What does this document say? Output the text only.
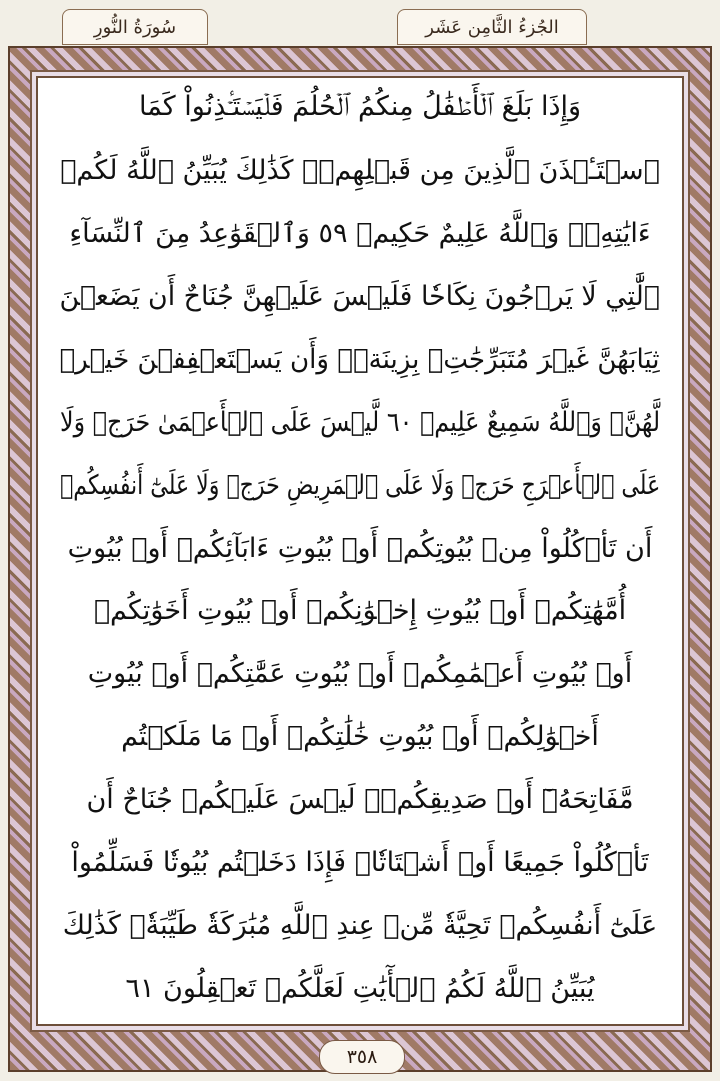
سُورَةُ النُّورِ	الجُزءُ الثَّامِن عَشَر
وَإِذَا بَلَغَ ٱلۡأَطۡفَٰلُ مِنكُمُ ٱلۡحُلُمَ فَلۡيَسۡتَـٔۡذِنُواْ كَمَا
ٱسۡتَـٔۡذَنَ ٱلَّذِينَ مِن قَبۡلِهِمۡۚ كَذَٰلِكَ يُبَيِّنُ ٱللَّهُ لَكُمۡ
ءَايَٰتِهِۦۗ وَٱللَّهُ عَلِيمٌ حَكِيمٞ ٥٩ وَٱلۡقَوَٰعِدُ مِنَ ٱلنِّسَآءِ
ٱلَّٰتِي لَا يَرۡجُونَ نِكَاحٗا فَلَيۡسَ عَلَيۡهِنَّ جُنَاحٌ أَن يَضَعۡنَ
ثِيَابَهُنَّ غَيۡرَ مُتَبَرِّجَٰتِۭ بِزِينَةٖۖ وَأَن يَسۡتَعۡفِفۡنَ خَيۡرٞ
لَّهُنَّۗ وَٱللَّهُ سَمِيعٌ عَلِيمٞ ٦٠ لَّيۡسَ عَلَى ٱلۡأَعۡمَىٰ حَرَجٞ وَلَا
عَلَى ٱلۡأَعۡرَجِ حَرَجٞ وَلَا عَلَى ٱلۡمَرِيضِ حَرَجٞ وَلَا عَلَىٰٓ أَنفُسِكُمۡ
أَن تَأۡكُلُواْ مِنۢ بُيُوتِكُمۡ أَوۡ بُيُوتِ ءَابَآئِكُمۡ أَوۡ بُيُوتِ
أُمَّهَٰتِكُمۡ أَوۡ بُيُوتِ إِخۡوَٰنِكُمۡ أَوۡ بُيُوتِ أَخَوَٰتِكُمۡ
أَوۡ بُيُوتِ أَعۡمَٰمِكُمۡ أَوۡ بُيُوتِ عَمَّٰتِكُمۡ أَوۡ بُيُوتِ
أَخۡوَٰلِكُمۡ أَوۡ بُيُوتِ خَٰلَٰتِكُمۡ أَوۡ مَا مَلَكۡتُم
مَّفَاتِحَهُۥٓ أَوۡ صَدِيقِكُمۡۚ لَيۡسَ عَلَيۡكُمۡ جُنَاحٌ أَن
تَأۡكُلُواْ جَمِيعًا أَوۡ أَشۡتَاتٗاۚ فَإِذَا دَخَلۡتُم بُيُوتٗا فَسَلِّمُواْ
عَلَىٰٓ أَنفُسِكُمۡ تَحِيَّةٗ مِّنۡ عِندِ ٱللَّهِ مُبَٰرَكَةٗ طَيِّبَةٗۚ كَذَٰلِكَ
يُبَيِّنُ ٱللَّهُ لَكُمُ ٱلۡأٓيَٰتِ لَعَلَّكُمۡ تَعۡقِلُونَ ٦١
٣٥٨
